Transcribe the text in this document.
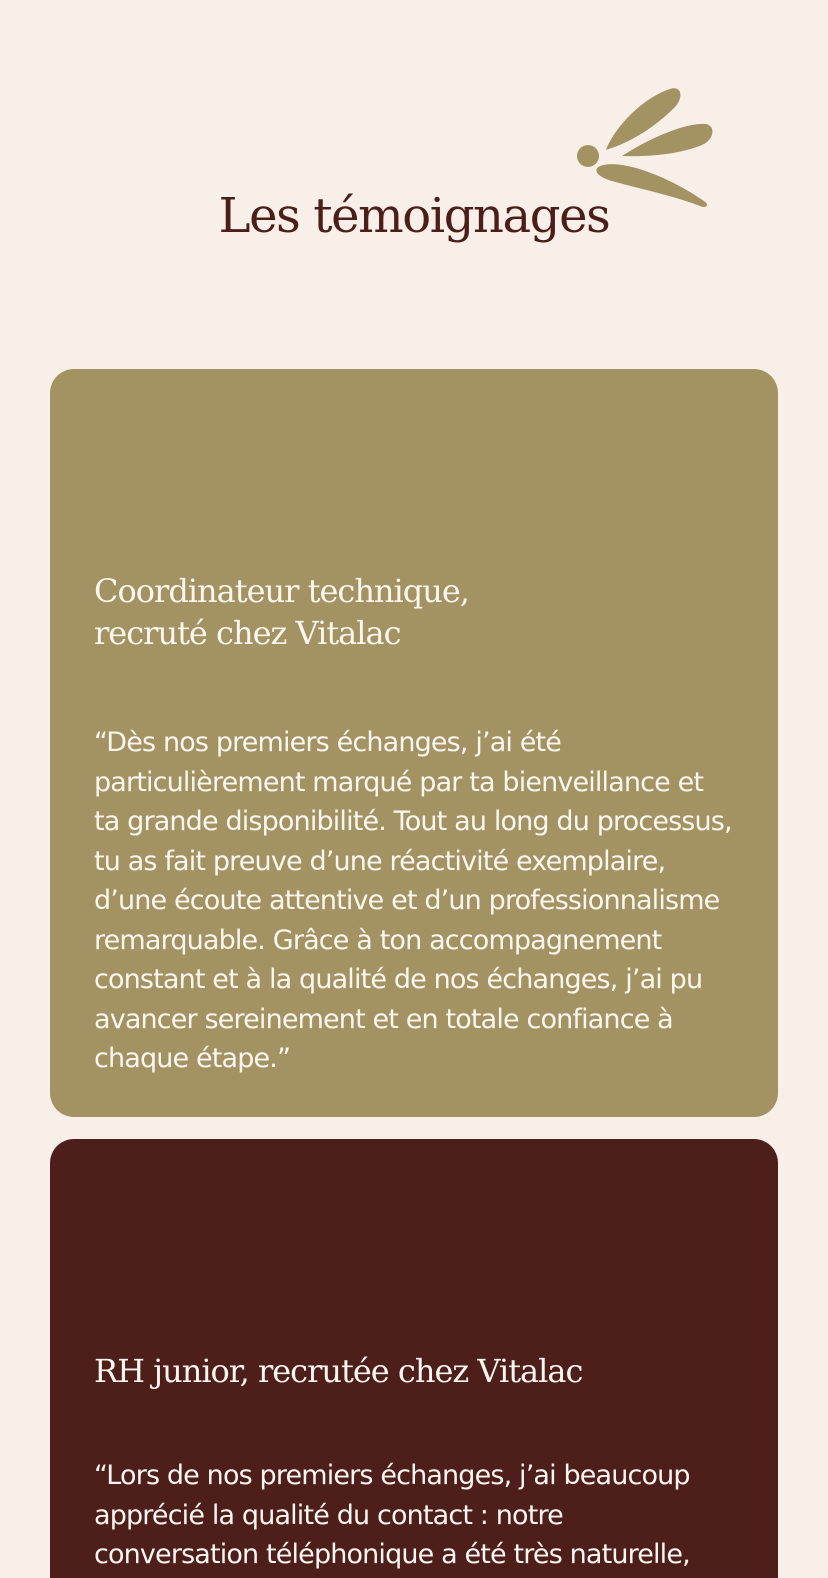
Les témoignages
Coordinateur technique,
recruté chez Vitalac

“Dès nos premiers échanges, j’ai été particulièrement marqué par ta bienveillance et ta grande disponibilité. Tout au long du processus, tu as fait preuve d’une réactivité exemplaire, d’une écoute attentive et d’un professionnalisme remarquable. Grâce à ton accompagnement constant et à la qualité de nos échanges, j’ai pu avancer sereinement et en totale confiance à chaque étape.”

RH junior, recrutée chez Vitalac

“Lors de nos premiers échanges, j’ai beaucoup apprécié la qualité du contact : notre conversation téléphonique a été très naturelle,
